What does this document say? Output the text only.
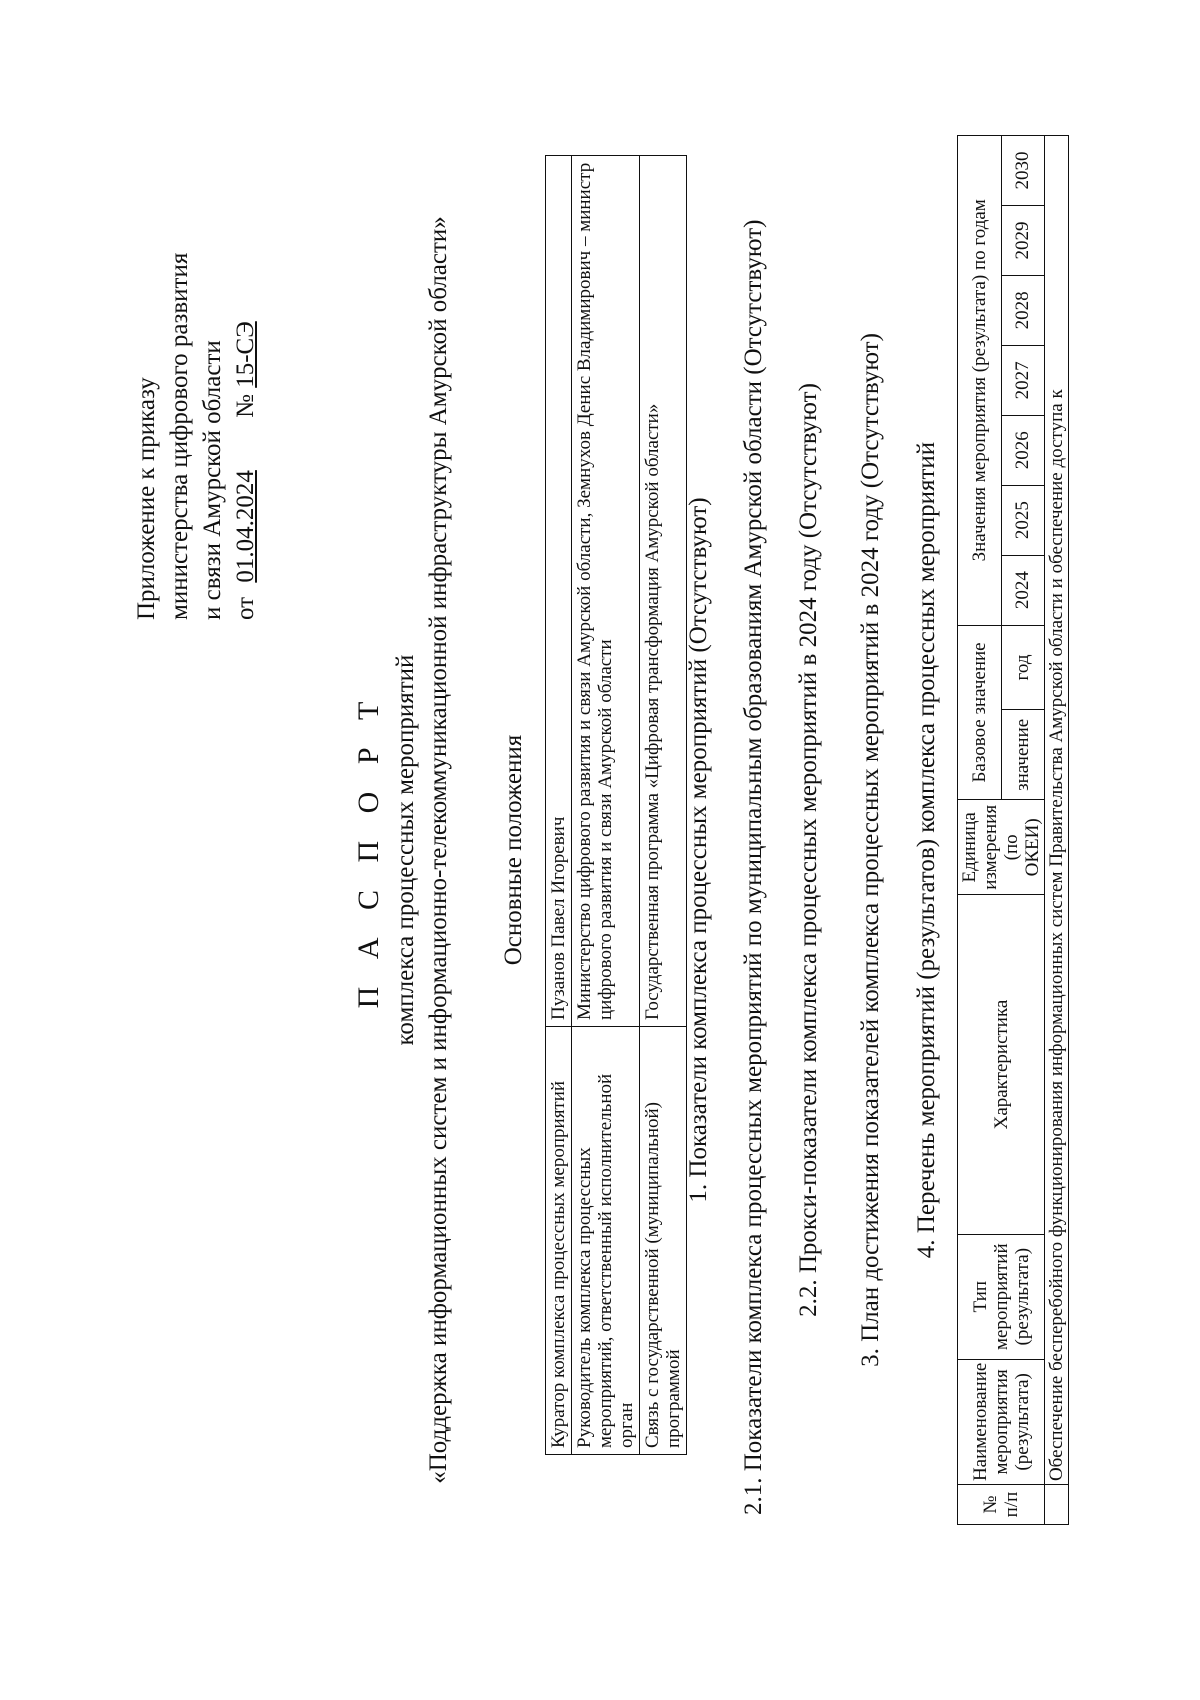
Приложение к приказу министерства цифрового развития и связи Амурской области от 01.04.2024 № 15-СЭ
П А С П О Р Т комплекса процессных мероприятий «Поддержка информационных систем и информационно-телекоммуникационной инфраструктуры Амурской области» Основные положения
Куратор комплекса процессных мероприятий	Пузанов Павел Игоревич
Руководитель комплекса процессных мероприятий, ответственный исполнительной орган	Министерство цифрового развития и связи Амурской области, Земнухов Денис Владимирович – министр цифрового развития и связи Амурской области
Связь с государственной (муниципальной) программой	Государственная программа «Цифровая трансформация Амурской области» 1. Показатели комплекса процессных мероприятий (Отсутствуют) 2.1. Показатели комплекса процессных мероприятий по муниципальным образованиям Амурской области (Отсутствуют) 2.2. Прокси-показатели комплекса процессных мероприятий в 2024 году (Отсутствуют) 3. План достижения показателей комплекса процессных мероприятий в 2024 году (Отсутствуют) 4. Перечень мероприятий (результатов) комплекса процессных мероприятий
№ п/п	Наименование мероприятия (результата)	Тип мероприятий (результата)	Характеристика	Единица измерения (по ОКЕИ)	Базовое значение		Значения мероприятия (результата) по годам						
					значение	год	2024	2025	2026	2027	2028	2029	2030
	Обеспечение бесперебойного функционирования информационных систем Правительства Амурской области и обеспечение доступа к												
